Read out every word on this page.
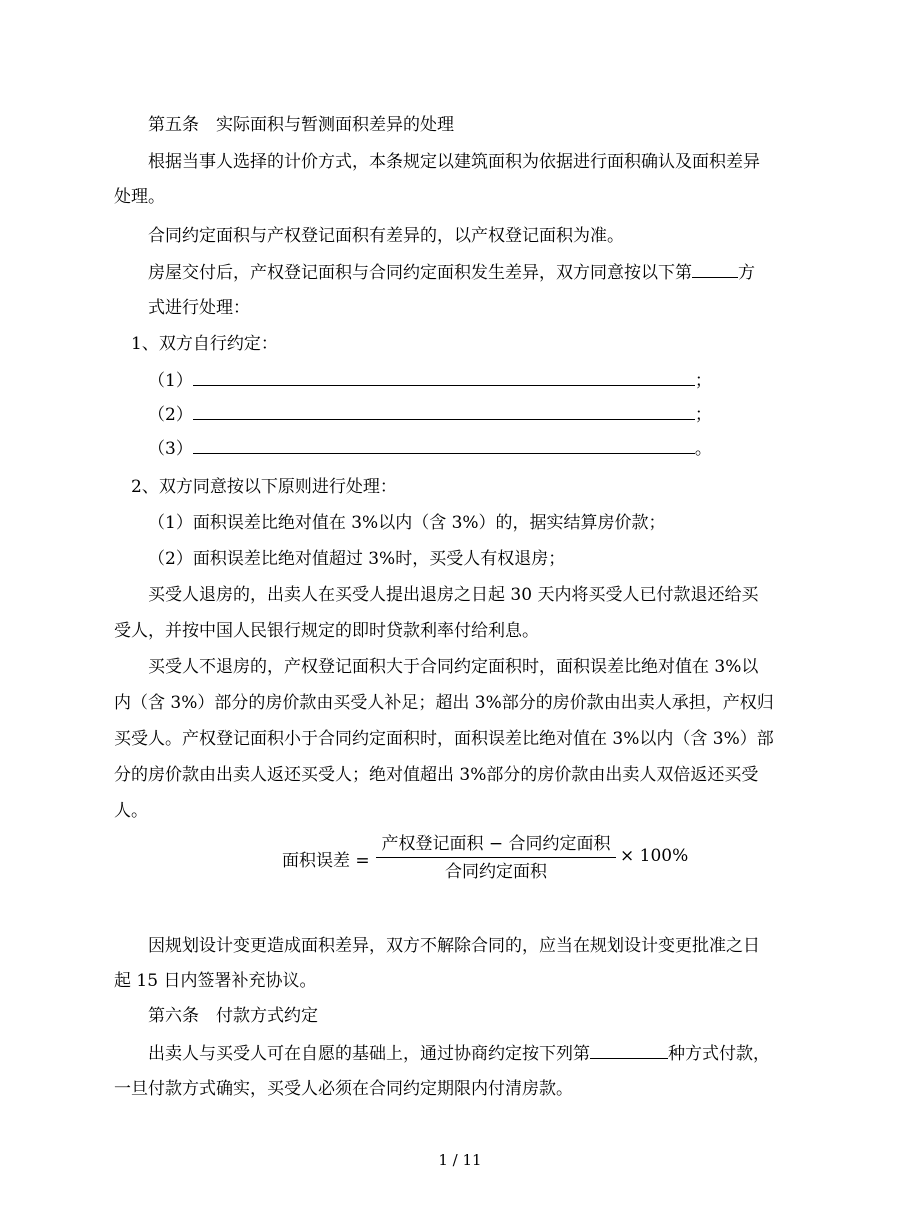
第五条　实际面积与暂测面积差异的处理
根据当事人选择的计价方式，本条规定以建筑面积为依据进行面积确认及面积差异
处理。
合同约定面积与产权登记面积有差异的，以产权登记面积为准。
房屋交付后，产权登记面积与合同约定面积发生差异，双方同意按以下第	方
式进行处理：
1、双方自行约定：
（1）	；
（2）	；
（3）	。
2、双方同意按以下原则进行处理：
（1）面积误差比绝对值在 3%以内（含 3%）的，据实结算房价款；
（2）面积误差比绝对值超过 3%时，买受人有权退房；
买受人退房的，出卖人在买受人提出退房之日起 30 天内将买受人已付款退还给买
受人，并按中国人民银行规定的即时贷款利率付给利息。
买受人不退房的，产权登记面积大于合同约定面积时，面积误差比绝对值在 3%以
内（含 3%）部分的房价款由买受人补足；超出 3%部分的房价款由出卖人承担，产权归
买受人。产权登记面积小于合同约定面积时，面积误差比绝对值在 3%以内（含 3%）部
分的房价款由出卖人返还买受人；绝对值超出 3%部分的房价款由出卖人双倍返还买受
人。
面积误差 =
产权登记面积 − 合同约定面积
合同约定面积
× 100%
因规划设计变更造成面积差异，双方不解除合同的，应当在规划设计变更批准之日
起 15 日内签署补充协议。
第六条　付款方式约定
出卖人与买受人可在自愿的基础上，通过协商约定按下列第	种方式付款，
一旦付款方式确实，买受人必须在合同约定期限内付清房款。
1 / 11
